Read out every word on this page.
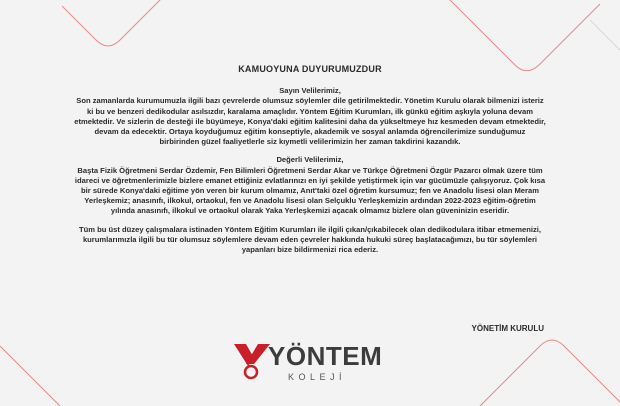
KAMUOYUNA DUYURUMUZDUR
Sayın Velilerimiz,
Son zamanlarda kurumumuzla ilgili bazı çevrelerde olumsuz söylemler dile getirilmektedir. Yönetim Kurulu olarak bilmenizi isteriz ki bu ve benzeri dedikodular asılsızdır, karalama amaçlıdır. Yöntem Eğitim Kurumları, ilk günkü eğitim aşkıyla yoluna devam etmektedir. Ve sizlerin de desteği ile büyümeye, Konya'daki eğitim kalitesini daha da yükseltmeye hız kesmeden devam etmektedir, devam da edecektir. Ortaya koyduğumuz eğitim konseptiyle, akademik ve sosyal anlamda öğrencilerimize sunduğumuz birbirinden güzel faaliyetlerle siz kıymetli velilerimizin her zaman takdirini kazandık.
Değerli Velilerimiz,
Başta Fizik Öğretmeni Serdar Özdemir, Fen Bilimleri Öğretmeni Serdar Akar ve Türkçe Öğretmeni Özgür Pazarcı olmak üzere tüm idareci ve öğretmenlerimizle bizlere emanet ettiğiniz evlatlarınızı en iyi şekilde yetiştirmek için var gücümüzle çalışıyoruz. Çok kısa bir sürede Konya'daki eğitime yön veren bir kurum olmamız, Anıt'taki özel öğretim kursumuz; fen ve Anadolu lisesi olan Meram Yerleşkemiz; anasınıfı, ilkokul, ortaokul, fen ve Anadolu lisesi olan Selçuklu Yerleşkemizin ardından 2022-2023 eğitim-öğretim yılında anasınıfı, ilkokul ve ortaokul olarak Yaka Yerleşkemizi açacak olmamız bizlere olan güveninizin eseridir.
Tüm bu üst düzey çalışmalara istinaden Yöntem Eğitim Kurumları ile ilgili çıkan/çıkabilecek olan dedikodulara itibar etmemenizi, kurumlarımızla ilgili bu tür olumsuz söylemlere devam eden çevreler hakkında hukuki süreç başlatacağımızı, bu tür söylemleri yapanları bize bildirmenizi rica ederiz.
YÖNETİM KURULU
YÖNTEM
KOLEJİ
